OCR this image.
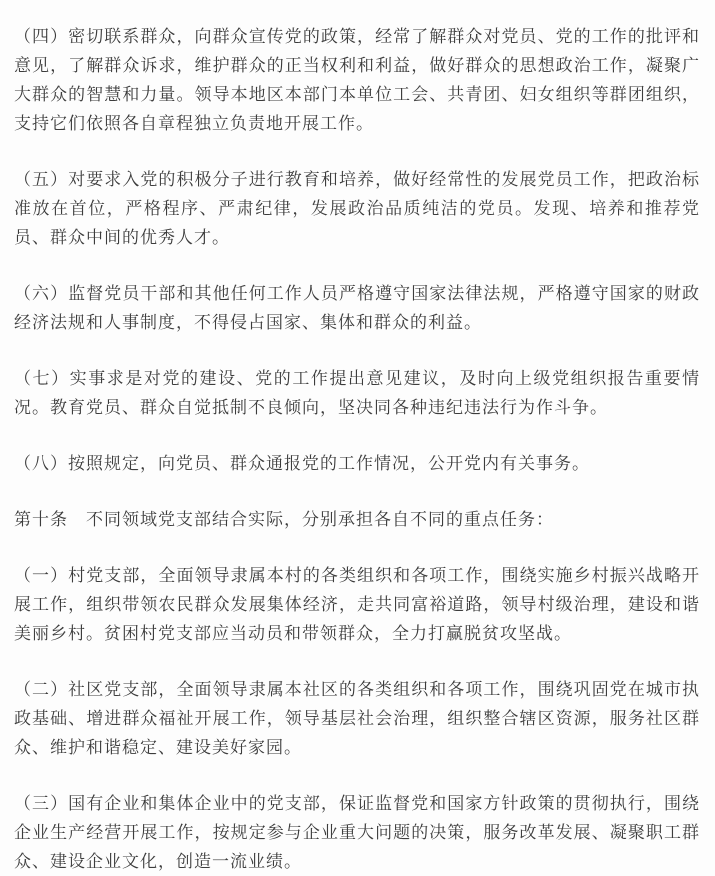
（四）密切联系群众，向群众宣传党的政策，经常了解群众对党员、党的工作的批评和意见，了解群众诉求，维护群众的正当权利和利益，做好群众的思想政治工作，凝聚广大群众的智慧和力量。领导本地区本部门本单位工会、共青团、妇女组织等群团组织，支持它们依照各自章程独立负责地开展工作。

（五）对要求入党的积极分子进行教育和培养，做好经常性的发展党员工作，把政治标准放在首位，严格程序、严肃纪律，发展政治品质纯洁的党员。发现、培养和推荐党员、群众中间的优秀人才。

（六）监督党员干部和其他任何工作人员严格遵守国家法律法规，严格遵守国家的财政经济法规和人事制度，不得侵占国家、集体和群众的利益。

（七）实事求是对党的建设、党的工作提出意见建议，及时向上级党组织报告重要情况。教育党员、群众自觉抵制不良倾向，坚决同各种违纪违法行为作斗争。

（八）按照规定，向党员、群众通报党的工作情况，公开党内有关事务。

第十条　不同领域党支部结合实际，分别承担各自不同的重点任务：

（一）村党支部，全面领导隶属本村的各类组织和各项工作，围绕实施乡村振兴战略开展工作，组织带领农民群众发展集体经济，走共同富裕道路，领导村级治理，建设和谐美丽乡村。贫困村党支部应当动员和带领群众，全力打赢脱贫攻坚战。

（二）社区党支部，全面领导隶属本社区的各类组织和各项工作，围绕巩固党在城市执政基础、增进群众福祉开展工作，领导基层社会治理，组织整合辖区资源，服务社区群众、维护和谐稳定、建设美好家园。

（三）国有企业和集体企业中的党支部，保证监督党和国家方针政策的贯彻执行，围绕企业生产经营开展工作，按规定参与企业重大问题的决策，服务改革发展、凝聚职工群众、建设企业文化，创造一流业绩。
